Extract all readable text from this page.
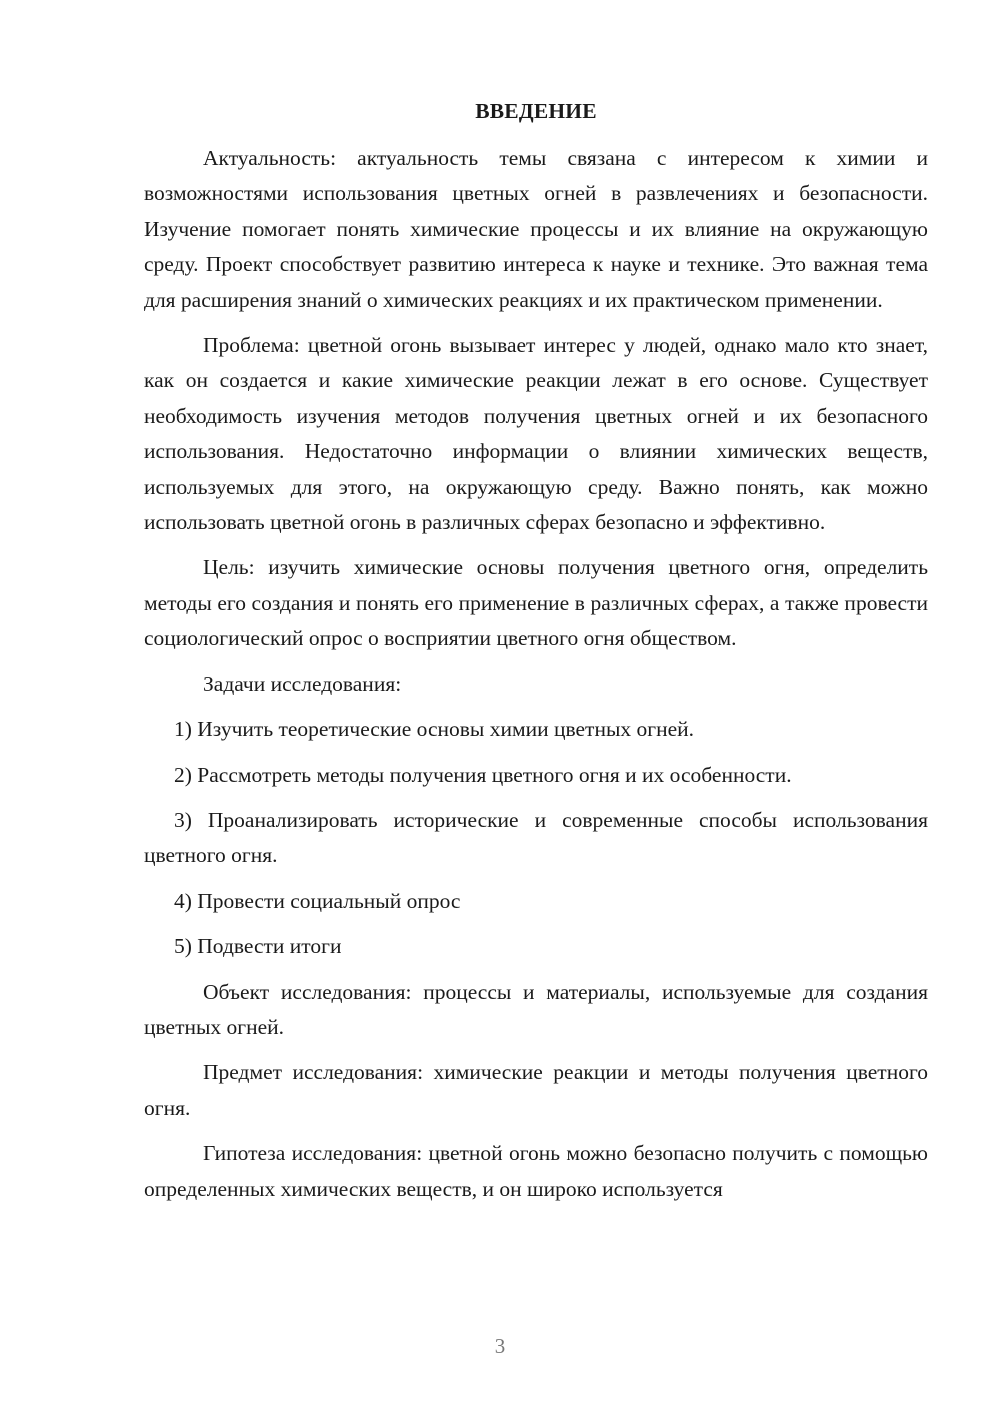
ВВЕДЕНИЕ

Актуальность: актуальность темы связана с интересом к химии и возможностями использования цветных огней в развлечениях и безопасности. Изучение помогает понять химические процессы и их влияние на окружающую среду. Проект способствует развитию интереса к науке и технике. Это важная тема для расширения знаний о химических реакциях и их практическом применении.

Проблема: цветной огонь вызывает интерес у людей, однако мало кто знает, как он создается и какие химические реакции лежат в его основе. Существует необходимость изучения методов получения цветных огней и их безопасного использования. Недостаточно информации о влиянии химических веществ, используемых для этого, на окружающую среду. Важно понять, как можно использовать цветной огонь в различных сферах безопасно и эффективно.

Цель: изучить химические основы получения цветного огня, определить методы его создания и понять его применение в различных сферах, а также провести социологический опрос о восприятии цветного огня обществом.

Задачи исследования:

1) Изучить теоретические основы химии цветных огней.

2) Рассмотреть методы получения цветного огня и их особенности.

3) Проанализировать исторические и современные способы использования цветного огня.

4) Провести социальный опрос

5) Подвести итоги

Объект исследования: процессы и материалы, используемые для создания цветных огней.

Предмет исследования: химические реакции и методы получения цветного огня.

Гипотеза исследования: цветной огонь можно безопасно получить с помощью определенных химических веществ, и он широко используется

3
